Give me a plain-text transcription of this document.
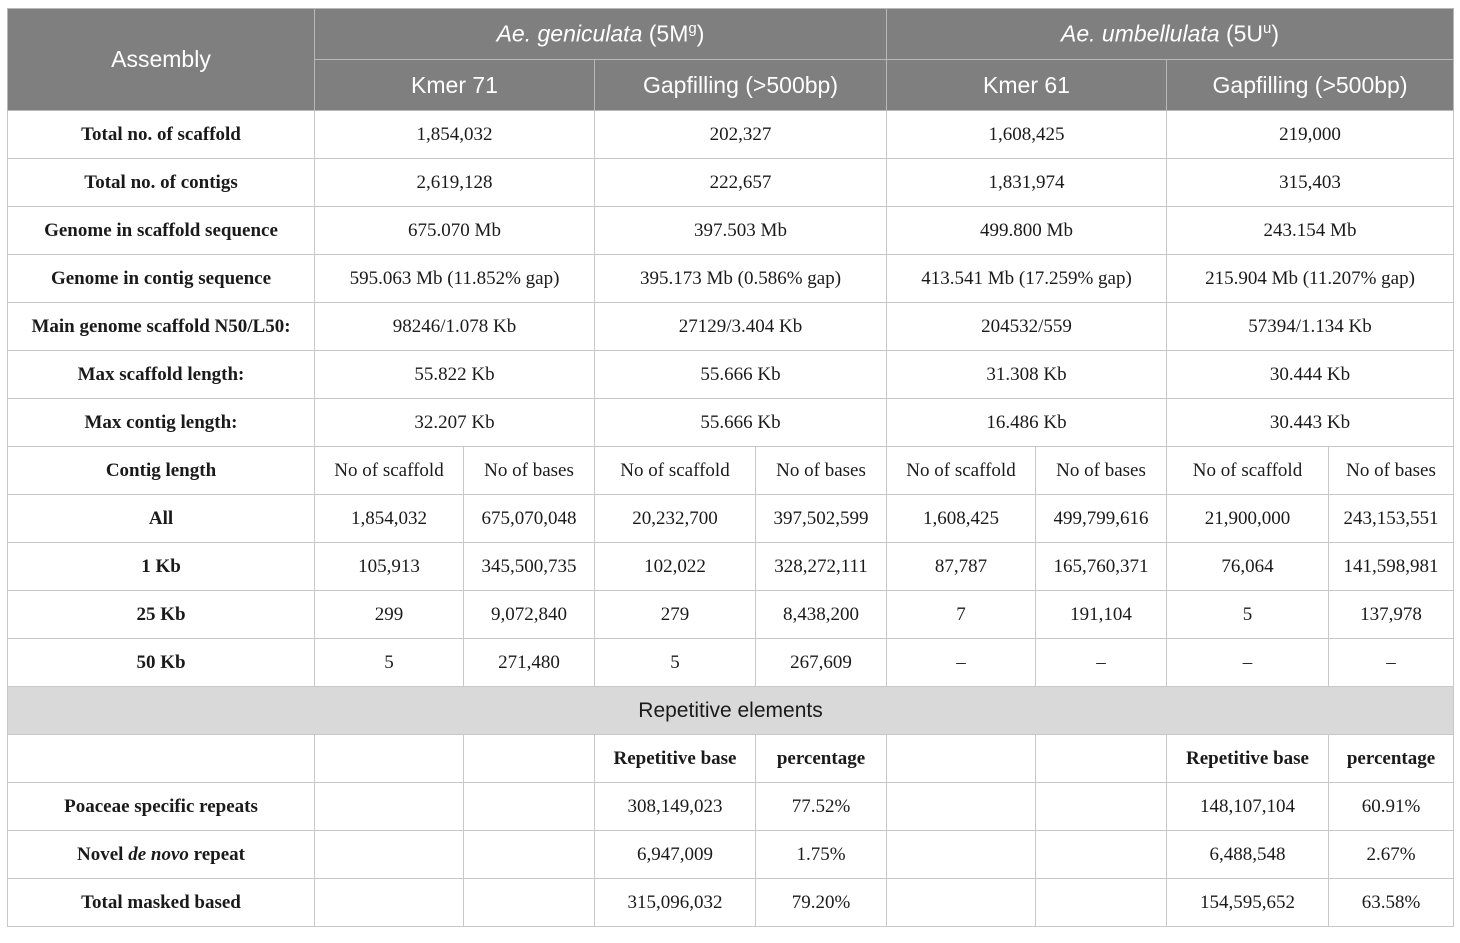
Assembly	Ae. geniculata $(5M^g)$				Ae. umbellulata $(5U^u)$			
	Kmer 71		Gapfilling (>500bp)		Kmer 61		Gapfilling (>500bp)	
Total no. of scaffold	1,854,032		202,327		1,608,425		219,000	
Total no. of contigs	2,619,128		222,657		1,831,974		315,403	
Genome in scaffold sequence	675.070 Mb		397.503 Mb		499.800 Mb		243.154 Mb	
Genome in contig sequence	595.063 Mb (11.852% gap)		395.173 Mb (0.586% gap)		413.541 Mb (17.259% gap)		215.904 Mb (11.207% gap)	
Main genome scaffold N50/L50:	98246/1.078 Kb		27129/3.404 Kb		204532/559		57394/1.134 Kb	
Max scaffold length:	55.822 Kb		55.666 Kb		31.308 Kb		30.444 Kb	
Max contig length:	32.207 Kb		55.666 Kb		16.486 Kb		30.443 Kb	
Contig length	No of scaffold	No of bases	No of scaffold	No of bases	No of scaffold	No of bases	No of scaffold	No of bases
All	1,854,032	675,070,048	20,232,700	397,502,599	1,608,425	499,799,616	21,900,000	243,153,551
1 Kb	105,913	345,500,735	102,022	328,272,111	87,787	165,760,371	76,064	141,598,981
25 Kb	299	9,072,840	279	8,438,200	7	191,104	5	137,978
50 Kb	5	271,480	5	267,609	–	–	–	–
Repetitive elements								
			Repetitive base	percentage			Repetitive base	percentage
Poaceae specific repeats			308,149,023	77.52%			148,107,104	60.91%
Novel de novo repeat			6,947,009	1.75%			6,488,548	2.67%
Total masked based			315,096,032	79.20%			154,595,652	63.58%
